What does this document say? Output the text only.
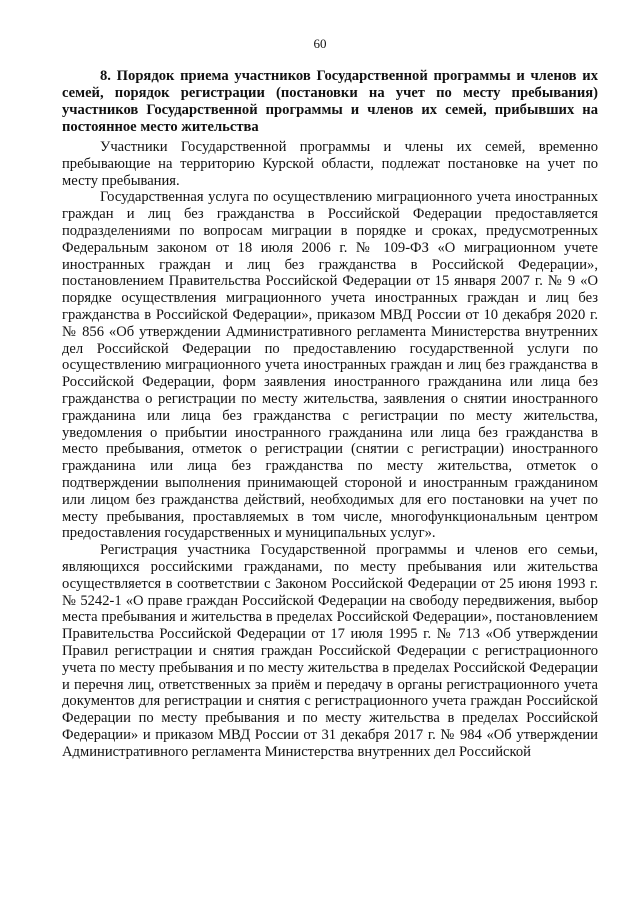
60

8. Порядок приема участников Государственной программы и членов их семей, порядок регистрации (постановки на учет по месту пребывания) участников Государственной программы и членов их семей, прибывших на постоянное место жительства

Участники Государственной программы и члены их семей, временно пребывающие на территорию Курской области, подлежат постановке на учет по месту пребывания.

Государственная услуга по осуществлению миграционного учета иностранных граждан и лиц без гражданства в Российской Федерации предоставляется подразделениями по вопросам миграции в порядке и сроках, предусмотренных Федеральным законом от 18 июля 2006 г. № 109-ФЗ «О миграционном учете иностранных граждан и лиц без гражданства в Российской Федерации», постановлением Правительства Российской Федерации от 15 января 2007 г. № 9 «О порядке осуществления миграционного учета иностранных граждан и лиц без гражданства в Российской Федерации», приказом МВД России от 10 декабря 2020 г. № 856 «Об утверждении Административного регламента Министерства внутренних дел Российской Федерации по предоставлению государственной услуги по осуществлению миграционного учета иностранных граждан и лиц без гражданства в Российской Федерации, форм заявления иностранного гражданина или лица без гражданства о регистрации по месту жительства, заявления о снятии иностранного гражданина или лица без гражданства с регистрации по месту жительства, уведомления о прибытии иностранного гражданина или лица без гражданства в место пребывания, отметок о регистрации (снятии с регистрации) иностранного гражданина или лица без гражданства по месту жительства, отметок о подтверждении выполнения принимающей стороной и иностранным гражданином или лицом без гражданства действий, необходимых для его постановки на учет по месту пребывания, проставляемых в том числе, многофункциональным центром предоставления государственных и муниципальных услуг».

Регистрация участника Государственной программы и членов его семьи, являющихся российскими гражданами, по месту пребывания или жительства осуществляется в соответствии с Законом Российской Федерации от 25 июня 1993 г. № 5242-1 «О праве граждан Российской Федерации на свободу передвижения, выбор места пребывания и жительства в пределах Российской Федерации», постановлением Правительства Российской Федерации от 17 июля 1995 г. № 713 «Об утверждении Правил регистрации и снятия граждан Российской Федерации с регистрационного учета по месту пребывания и по месту жительства в пределах Российской Федерации и перечня лиц, ответственных за приём и передачу в органы регистрационного учета документов для регистрации и снятия с регистрационного учета граждан Российской Федерации по месту пребывания и по месту жительства в пределах Российской Федерации» и приказом МВД России от 31 декабря 2017 г. № 984 «Об утверждении Административного регламента Министерства внутренних дел Российской
